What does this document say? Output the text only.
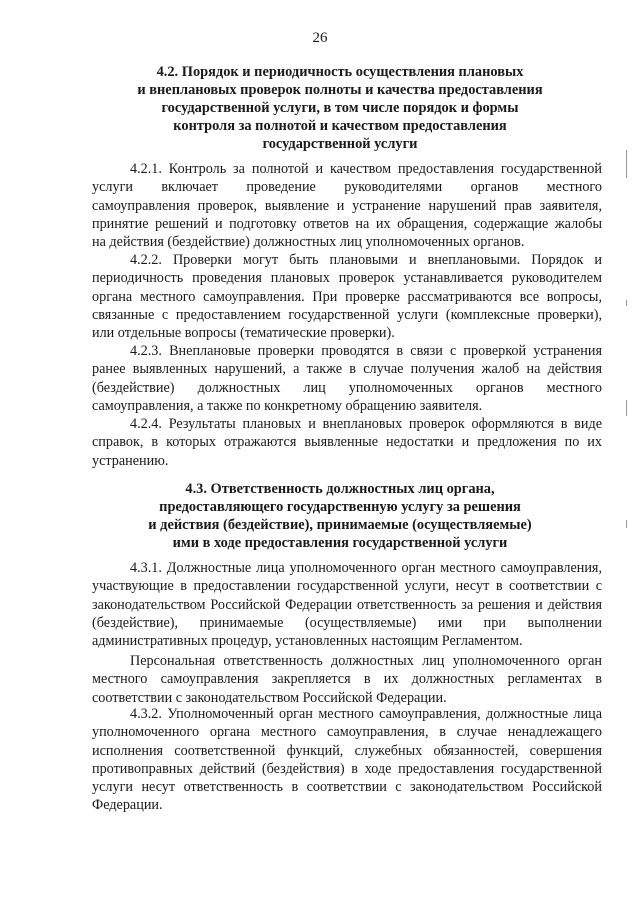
26
4.2. Порядок и периодичность осуществления плановых
и внеплановых проверок полноты и качества предоставления
государственной услуги, в том числе порядок и формы
контроля за полнотой и качеством предоставления
государственной услуги
4.2.1. Контроль за полнотой и качеством предоставления государственной
услуги включает проведение руководителями органов местного
самоуправления проверок, выявление и устранение нарушений прав заявителя,
принятие решений и подготовку ответов на их обращения, содержащие жалобы
на действия (бездействие) должностных лиц уполномоченных органов.
4.2.2. Проверки могут быть плановыми и внеплановыми. Порядок и
периодичность проведения плановых проверок устанавливается руководителем
органа местного самоуправления. При проверке рассматриваются все вопросы,
связанные с предоставлением государственной услуги (комплексные проверки),
или отдельные вопросы (тематические проверки).
4.2.3. Внеплановые проверки проводятся в связи с проверкой устранения
ранее выявленных нарушений, а также в случае получения жалоб на действия
(бездействие) должностных лиц уполномоченных органов местного
самоуправления, а также по конкретному обращению заявителя.
4.2.4. Результаты плановых и внеплановых проверок оформляются в виде
справок, в которых отражаются выявленные недостатки и предложения по их
устранению.
4.3. Ответственность должностных лиц органа,
предоставляющего государственную услугу за решения
и действия (бездействие), принимаемые (осуществляемые)
ими в ходе предоставления государственной услуги
4.3.1. Должностные лица уполномоченного орган местного самоуправления,
участвующие в предоставлении государственной услуги, несут в соответствии с
законодательством Российской Федерации ответственность за решения и действия
(бездействие), принимаемые (осуществляемые) ими при выполнении
административных процедур, установленных настоящим Регламентом.
Персональная ответственность должностных лиц уполномоченного орган
местного самоуправления закрепляется в их должностных регламентах в
соответствии с законодательством Российской Федерации.
4.3.2. Уполномоченный орган местного самоуправления, должностные лица
уполномоченного органа местного самоуправления, в случае ненадлежащего
исполнения соответственной функций, служебных обязанностей, совершения
противоправных действий (бездействия) в ходе предоставления государственной
услуги несут ответственность в соответствии с законодательством Российской
Федерации.
